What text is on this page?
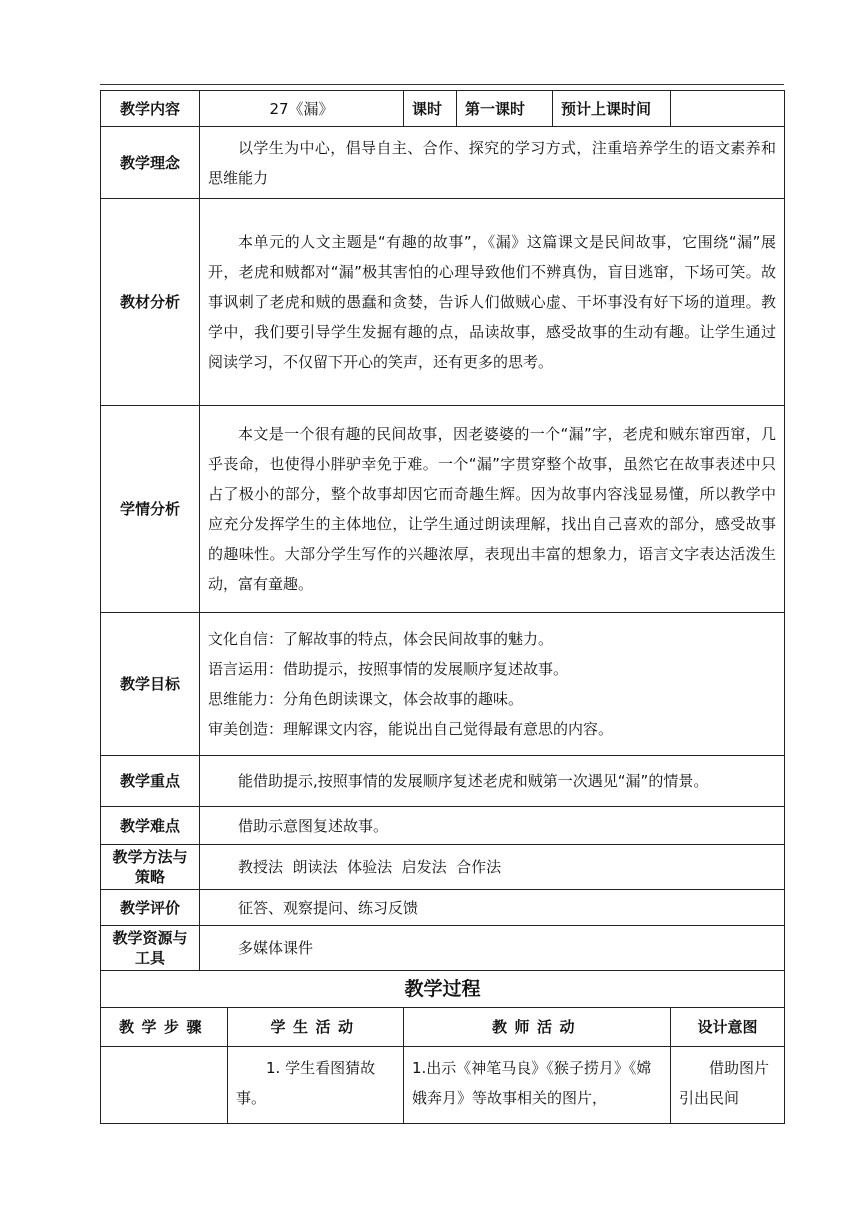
教学内容	27《漏》		课时	第一课时	预计上课时间	
教学理念	以学生为中心，倡导自主、合作、探究的学习方式，注重培养学生的语文素养和思维能力					
教材分析	本单元的人文主题是“有趣的故事”，《漏》这篇课文是民间故事，它围绕“漏”展开，老虎和贼都对“漏”极其害怕的心理导致他们不辨真伪，盲目逃窜，下场可笑。故事讽刺了老虎和贼的愚蠢和贪婪，告诉人们做贼心虚、干坏事没有好下场的道理。教学中，我们要引导学生发掘有趣的点，品读故事，感受故事的生动有趣。让学生通过阅读学习，不仅留下开心的笑声，还有更多的思考。					
学情分析	本文是一个很有趣的民间故事，因老婆婆的一个“漏”字，老虎和贼东窜西窜，几乎丧命，也使得小胖驴幸免于难。一个“漏”字贯穿整个故事，虽然它在故事表述中只占了极小的部分，整个故事却因它而奇趣生辉。因为故事内容浅显易懂，所以教学中应充分发挥学生的主体地位，让学生通过朗读理解，找出自己喜欢的部分，感受故事的趣味性。大部分学生写作的兴趣浓厚，表现出丰富的想象力，语言文字表达活泼生动，富有童趣。					
教学目标	文化自信：了解故事的特点，体会民间故事的魅力。
语言运用：借助提示，按照事情的发展顺序复述故事。
思维能力：分角色朗读课文，体会故事的趣味。
审美创造：理解课文内容，能说出自己觉得最有意思的内容。					

教学重点	能借助提示,按照事情的发展顺序复述老虎和贼第一次遇见“漏”的情景。					
教学难点	借助示意图复述故事。					
教学方法与策略	教授法  朗读法  体验法  启发法  合作法					
教学评价	征答、观察提问、练习反馈					
教学资源与工具	多媒体课件					
教学过程						
教学步骤		学生活动	教师活动			设计意图
		1. 学生看图猜故事。	1.出示《神笔马良》《猴子捞月》《嫦娥奔月》等故事相关的图片，			借助图片引出民间
